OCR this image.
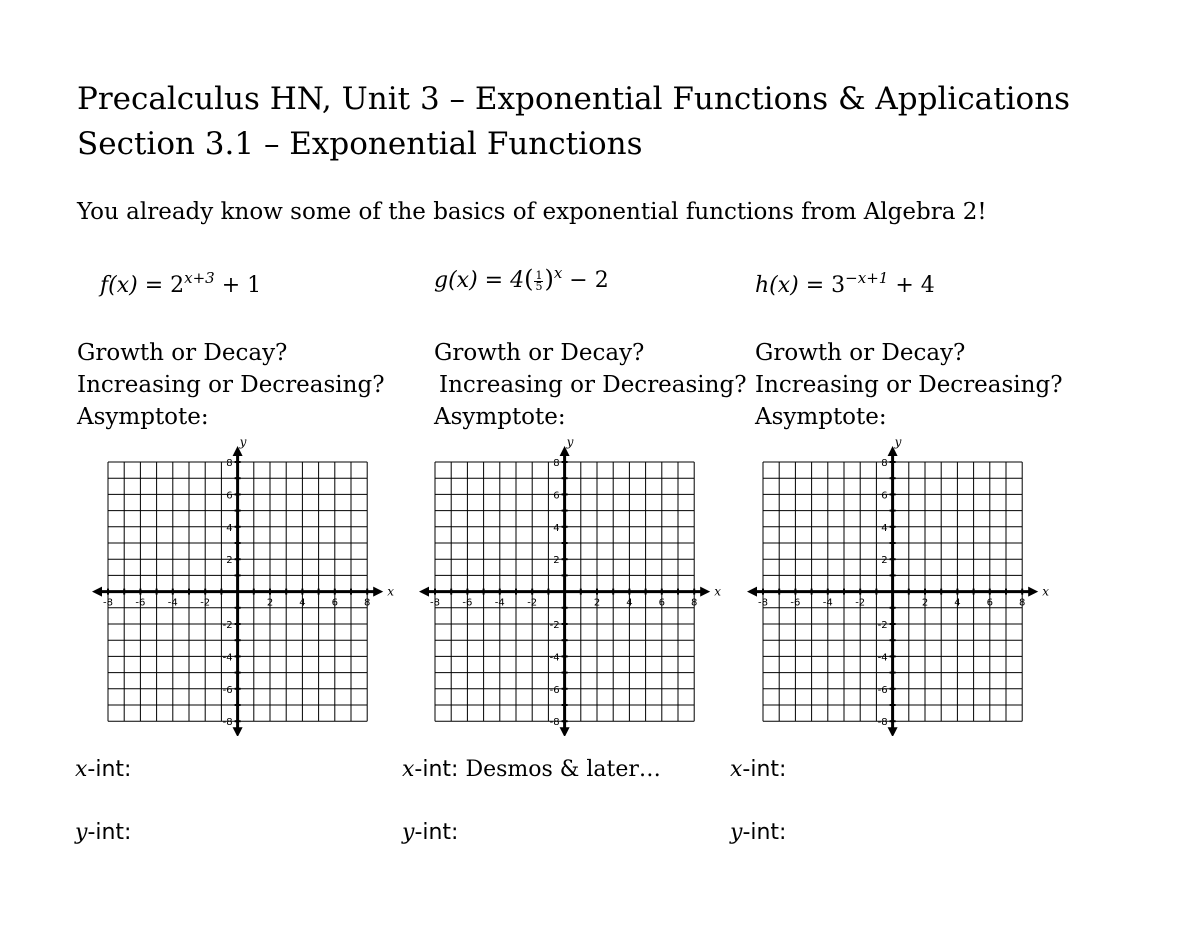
Precalculus HN, Unit 3 – Exponential Functions & Applications
Section 3.1 – Exponential Functions
You already know some of the basics of exponential functions from Algebra 2!
$f(x) = 2^{x+3} + 1$	$g(x) = 4( \frac{1}{5} )^x - 2$	$h(x) = 3^{-x+1} + 4$
Growth or Decay?
Increasing or Decreasing?
Asymptote:
Growth or Decay?
Increasing or Decreasing?
Asymptote:
Growth or Decay?
Increasing or Decreasing?
Asymptote:
-8 -6 -4 -2	2	4	6	8
8
6
4
2
-2
-4
-6
-8
x
y
-8 -6 -4 -2	2	4	6	8
8
6
4
2
-2
-4
-6
-8
x
y
-8 -6 -4 -2	2	4	6	8
8
6
4
2
-2
-4
-6
-8
x
y
x-int:
y-int:
x-int: Desmos & later…
y-int:
x-int:
y-int:
